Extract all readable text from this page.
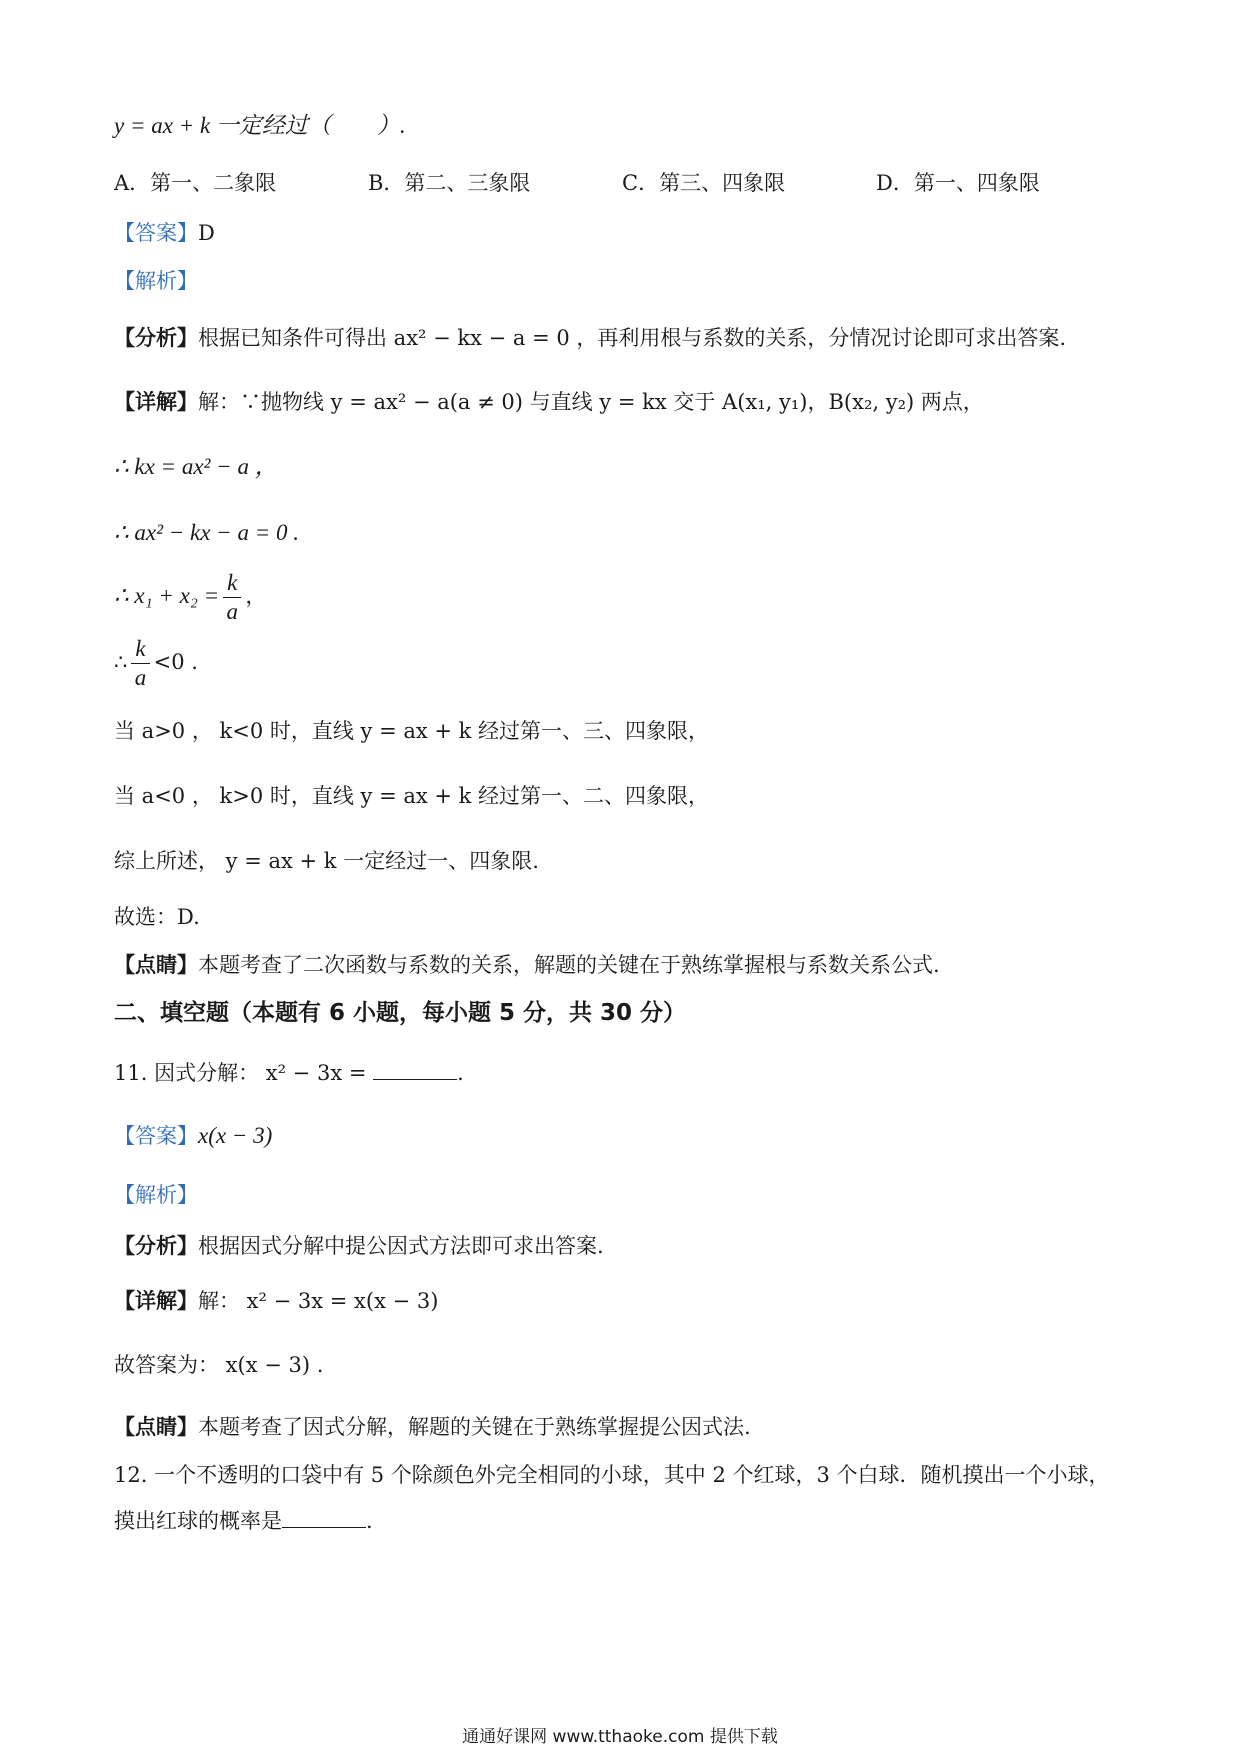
y = ax + k 一定经过（　　）.
A．第一、二象限	B．第二、三象限	C．第三、四象限	D．第一、四象限
【答案】D
【解析】
【分析】根据已知条件可得出 ax² − kx − a = 0 ，再利用根与系数的关系，分情况讨论即可求出答案.
【详解】解：∵抛物线 y = ax² − a(a ≠ 0) 与直线 y = kx 交于 A(x₁, y₁)，B(x₂, y₂) 两点，
∴ kx = ax² − a ，
∴ ax² − kx − a = 0 .
∴ $x_1 + x_2 = \frac{k}{a}$ ，
∴ $\frac{k}{a} <0$ .
当 a>0 ， k<0 时，直线 y = ax + k 经过第一、三、四象限，
当 a<0 ， k>0 时，直线 y = ax + k 经过第一、二、四象限，
综上所述， y = ax + k 一定经过一、四象限.
故选：D.
【点睛】本题考查了二次函数与系数的关系，解题的关键在于熟练掌握根与系数关系公式.
二、填空题（本题有 6 小题，每小题 5 分，共 30 分）
11. 因式分解： x² − 3x =	.
【答案】x(x − 3)
【解析】
【分析】根据因式分解中提公因式方法即可求出答案.
【详解】解： x² − 3x = x(x − 3)
故答案为： x(x − 3) .
【点睛】本题考查了因式分解，解题的关键在于熟练掌握提公因式法.
12. 一个不透明的口袋中有 5 个除颜色外完全相同的小球，其中 2 个红球，3 个白球．随机摸出一个小球，
摸出红球的概率是	.
通通好课网 www.tthaoke.com 提供下载
